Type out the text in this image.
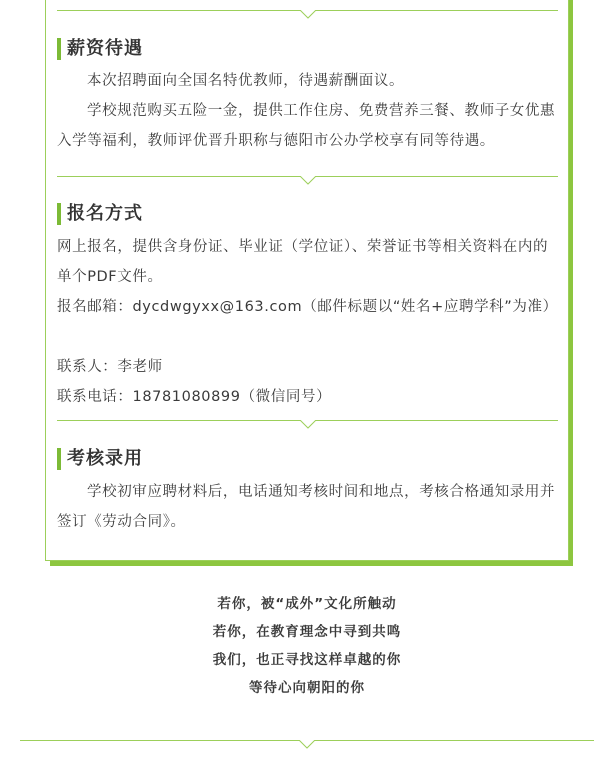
薪资待遇
本次招聘面向全国名特优教师，待遇薪酬面议。
学校规范购买五险一金，提供工作住房、免费营养三餐、教师子女优惠入学等福利，教师评优晋升职称与德阳市公办学校享有同等待遇。
报名方式
网上报名，提供含身份证、毕业证（学位证）、荣誉证书等相关资料在内的单个PDF文件。
报名邮箱：dycdwgyxx@163.com（邮件标题以“姓名+应聘学科”为准）
联系人：李老师
联系电话：18781080899（微信同号）
考核录用
学校初审应聘材料后，电话通知考核时间和地点，考核合格通知录用并签订《劳动合同》。
若你，被“成外”文化所触动
若你，在教育理念中寻到共鸣
我们，也正寻找这样卓越的你
等待心向朝阳的你
